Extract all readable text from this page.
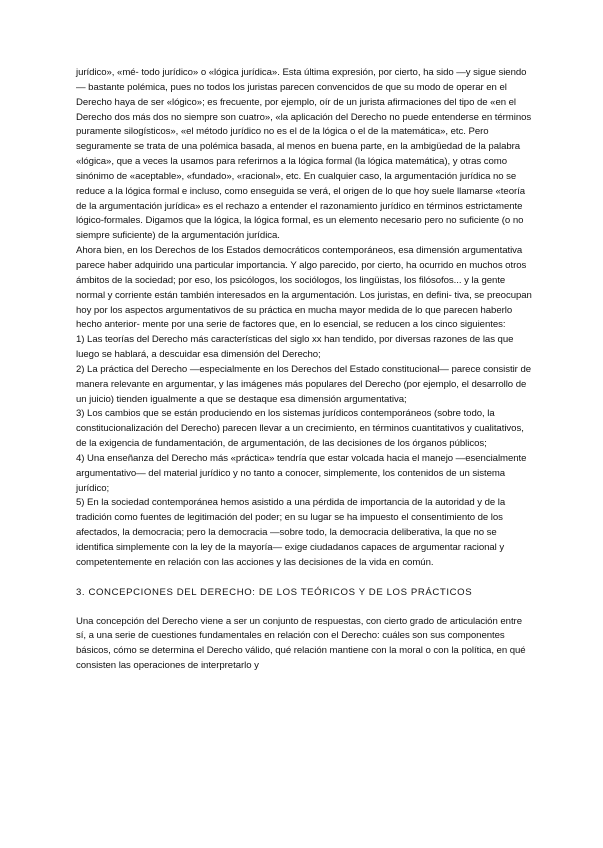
jurídico», «mé- todo jurídico» o «lógica jurídica». Esta última expresión, por cierto, ha sido —y sigue siendo— bastante polémica, pues no todos los juristas parecen convencidos de que su modo de operar en el Derecho haya de ser «lógico»; es frecuente, por ejemplo, oír de un jurista afirmaciones del tipo de «en el Derecho dos más dos no siempre son cuatro», «la aplicación del Derecho no puede entenderse en términos puramente silogísticos», «el método jurídico no es el de la lógica o el de la matemática», etc. Pero seguramente se trata de una polémica basada, al menos en buena parte, en la ambigüedad de la palabra «lógica», que a veces la usamos para referirnos a la lógica formal (la lógica matemática), y otras como sinónimo de «aceptable», «fundado», «racional», etc. En cualquier caso, la argumentación jurídica no se reduce a la lógica formal e incluso, como enseguida se verá, el origen de lo que hoy suele llamarse «teoría de la argumentación jurídica» es el rechazo a entender el razonamiento jurídico en términos estrictamente lógico-formales. Digamos que la lógica, la lógica formal, es un elemento necesario pero no suficiente (o no siempre suficiente) de la argumentación jurídica.

Ahora bien, en los Derechos de los Estados democráticos contemporáneos, esa dimensión argumentativa parece haber adquirido una particular importancia. Y algo parecido, por cierto, ha ocurrido en muchos otros ámbitos de la sociedad; por eso, los psicólogos, los sociólogos, los lingüistas, los filósofos... y la gente normal y corriente están también interesados en la argumentación. Los juristas, en defini- tiva, se preocupan hoy por los aspectos argumentativos de su práctica en mucha mayor medida de lo que parecen haberlo hecho anterior- mente por una serie de factores que, en lo esencial, se reducen a los cinco siguientes:

1) Las teorías del Derecho más características del siglo xx han tendido, por diversas razones de las que luego se hablará, a descuidar esa dimensión del Derecho;

2) La práctica del Derecho —especialmente en los Derechos del Estado constitucional— parece consistir de manera relevante en argumentar, y las imágenes más populares del Derecho (por ejemplo, el desarrollo de un juicio) tienden igualmente a que se destaque esa dimensión argumentativa;

3) Los cambios que se están produciendo en los sistemas jurídicos contemporáneos (sobre todo, la constitucionalización del Derecho) parecen llevar a un crecimiento, en términos cuantitativos y cualitativos, de la exigencia de fundamentación, de argumentación, de las decisiones de los órganos públicos;

4) Una enseñanza del Derecho más «práctica» tendría que estar volcada hacia el manejo —esencialmente argumentativo— del material jurídico y no tanto a conocer, simplemente, los contenidos de un sistema jurídico;

5) En la sociedad contemporánea hemos asistido a una pérdida de importancia de la autoridad y de la tradición como fuentes de legitimación del poder; en su lugar se ha impuesto el consentimiento de los afectados, la democracia; pero la democracia —sobre todo, la democracia deliberativa, la que no se identifica simplemente con la ley de la mayoría— exige ciudadanos capaces de argumentar racional y competentemente en relación con las acciones y las decisiones de la vida en común.

3. CONCEPCIONES DEL DERECHO: DE LOS TEÓRICOS Y DE LOS PRÁCTICOS

Una concepción del Derecho viene a ser un conjunto de respuestas, con cierto grado de articulación entre sí, a una serie de cuestiones fundamentales en relación con el Derecho: cuáles son sus componentes básicos, cómo se determina el Derecho válido, qué relación mantiene con la moral o con la política, en qué consisten las operaciones de interpretarlo y
